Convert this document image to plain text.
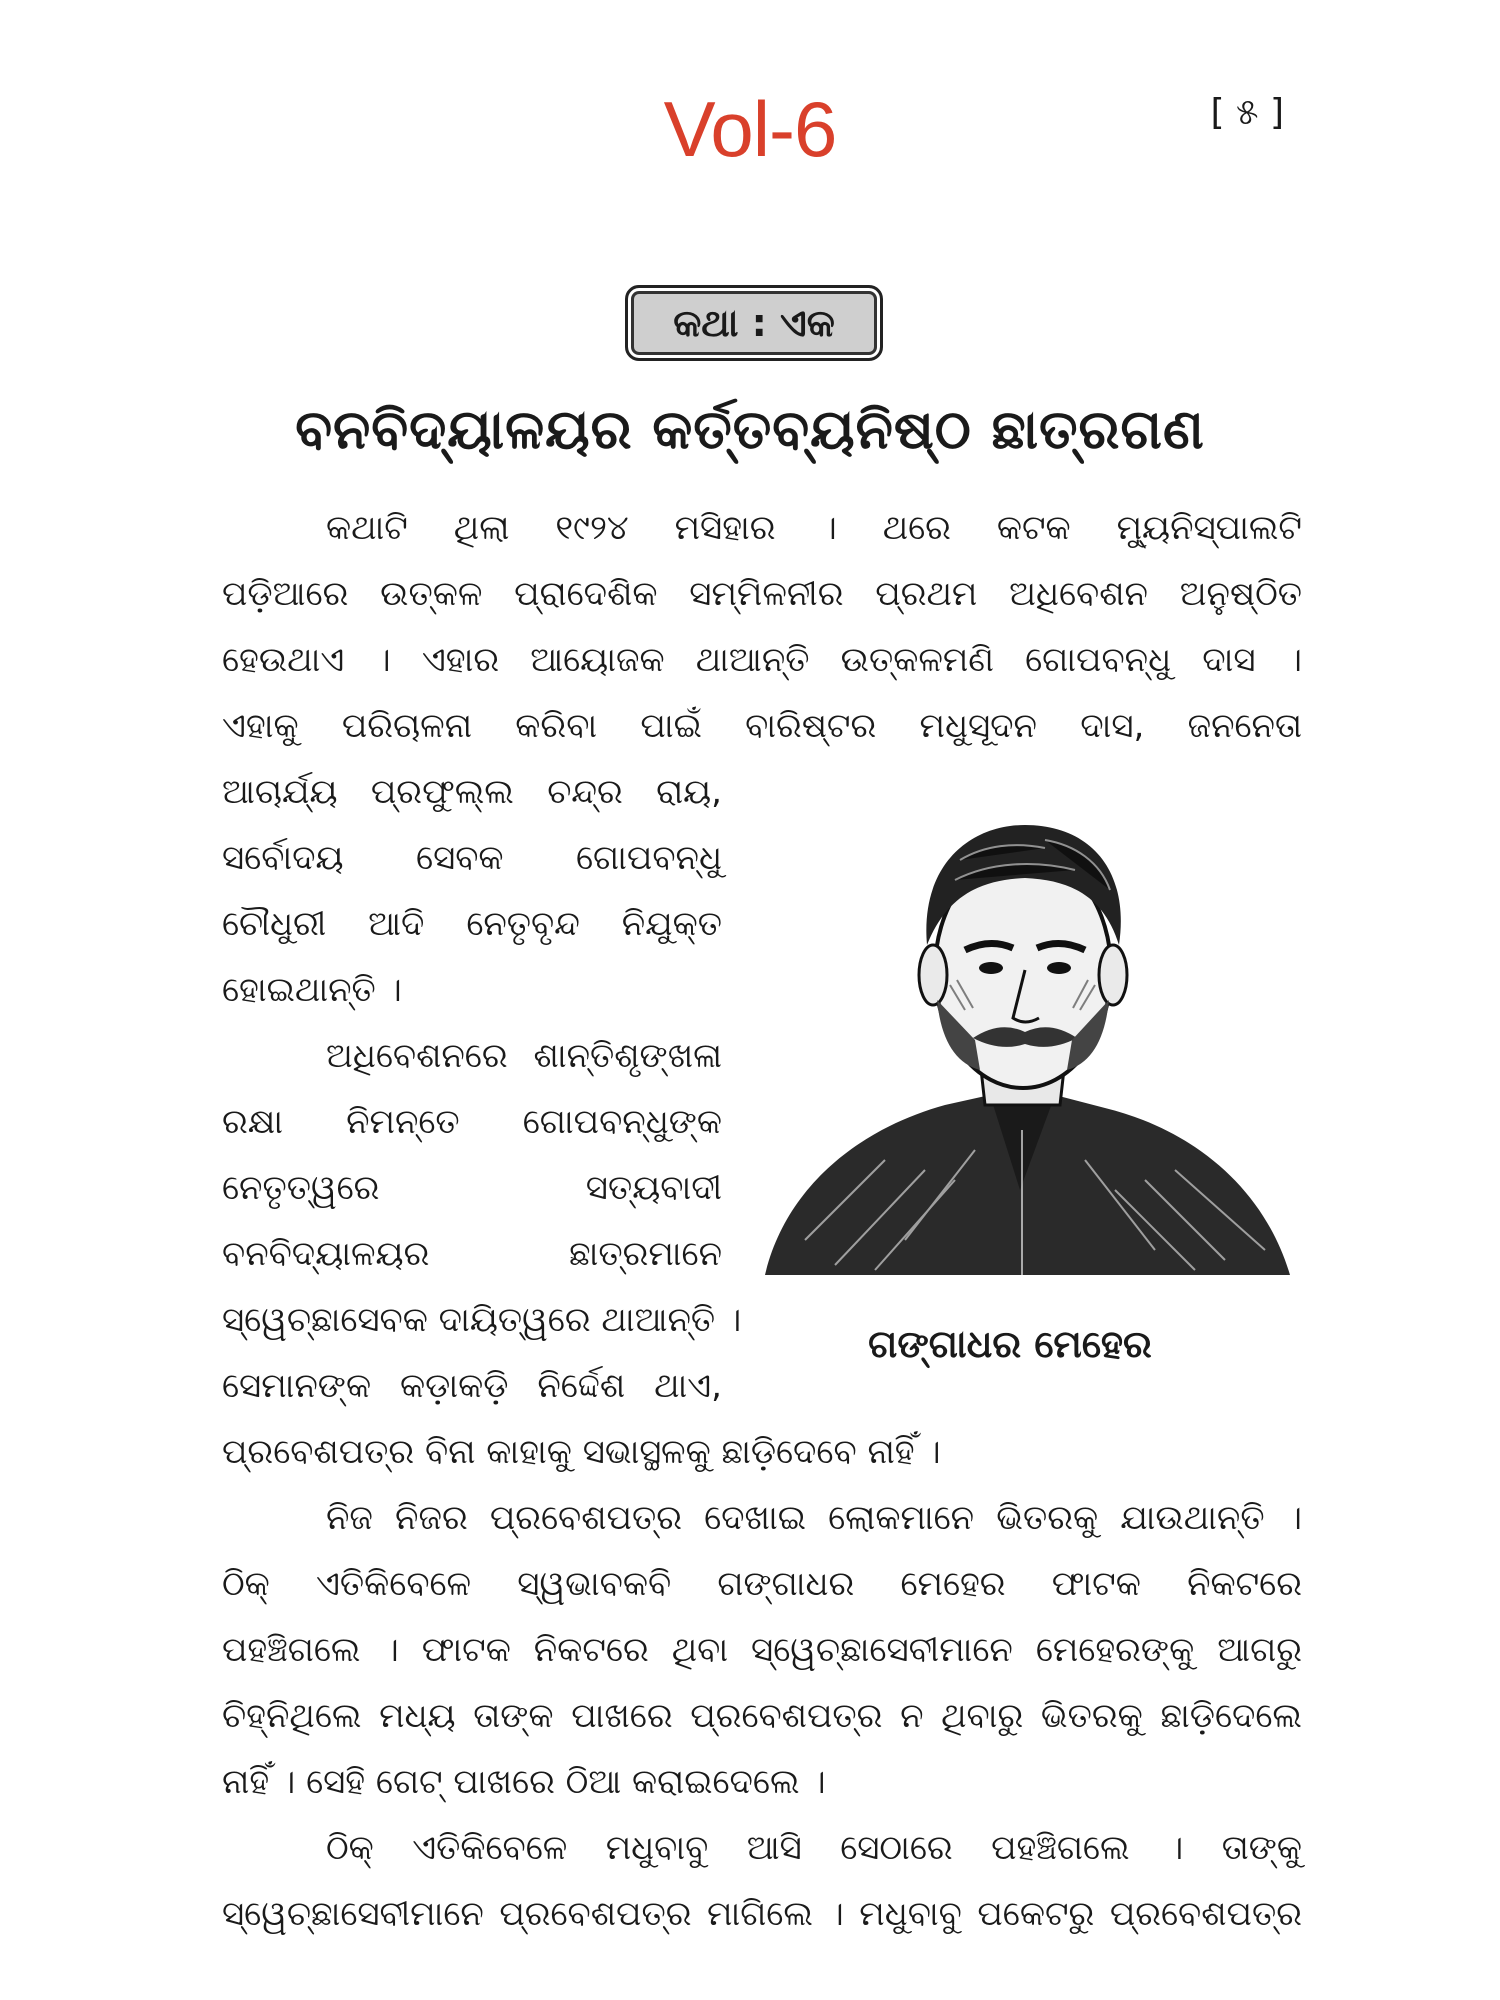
Vol-6	[ ୫ ]
କଥା : ଏକ
ବନବିଦ୍ୟାଳୟର କର୍ତ୍ତବ୍ୟନିଷ୍ଠ ଛାତ୍ରଗଣ
କଥାଟି ଥିଲା ୧୯୨୪ ମସିହାର । ଥରେ କଟକ ମ୍ୟୁନିସ୍‌ପାଲଟି
ପଡ଼ିଆରେ ଉତ୍କଳ ପ୍ରାଦେଶିକ ସମ୍ମିଳନୀର ପ୍ରଥମ ଅଧିବେଶନ ଅନୁଷ୍ଠିତ
ହେଉଥାଏ । ଏହାର ଆୟୋଜକ ଥାଆନ୍ତି ଉତ୍କଳମଣି ଗୋପବନ୍ଧୁ ଦାସ ।
ଏହାକୁ ପରିଚାଳନା କରିବା ପାଇଁ ବାରିଷ୍ଟର ମଧୁସୂଦନ ଦାସ, ଜନନେତା
ଆଚାର୍ଯ୍ୟ ପ୍ରଫୁଲ୍ଲ ଚନ୍ଦ୍ର ରାୟ,
ସର୍ବୋଦୟ ସେବକ ଗୋପବନ୍ଧୁ
ଚୌଧୁରୀ ଆଦି ନେତୃବୃନ୍ଦ ନିଯୁକ୍ତ
ହୋଇଥାନ୍ତି ।
ଅଧିବେଶନରେ ଶାନ୍ତିଶୃଙ୍ଖଳା
ରକ୍ଷା ନିମନ୍ତେ ଗୋପବନ୍ଧୁଙ୍କ
ନେତୃତ୍ୱରେ ସତ୍ୟବାଦୀ
ବନବିଦ୍ୟାଳୟର ଛାତ୍ରମାନେ
ସ୍ୱେଚ୍ଛାସେବକ ଦାୟିତ୍ୱରେ ଥାଆନ୍ତି ।
ସେମାନଙ୍କ କଡ଼ାକଡ଼ି ନିର୍ଦ୍ଦେଶ ଥାଏ,
ଗଙ୍ଗାଧର ମେହେର
ପ୍ରବେଶପତ୍ର ବିନା କାହାକୁ ସଭାସ୍ଥଳକୁ ଛାଡ଼ିଦେବେ ନାହିଁ ।
ନିଜ ନିଜର ପ୍ରବେଶପତ୍ର ଦେଖାଇ ଲୋକମାନେ ଭିତରକୁ ଯାଉଥାନ୍ତି ।
ଠିକ୍ ଏତିକିବେଳେ ସ୍ୱଭାବକବି ଗଙ୍ଗାଧର ମେହେର ଫାଟକ ନିକଟରେ
ପହଞ୍ଚିଗଲେ । ଫାଟକ ନିକଟରେ ଥିବା ସ୍ୱେଚ୍ଛାସେବୀମାନେ ମେହେରଙ୍କୁ ଆଗରୁ
ଚିହ୍ନିଥିଲେ ମଧ୍ୟ ତାଙ୍କ ପାଖରେ ପ୍ରବେଶପତ୍ର ନ ଥିବାରୁ ଭିତରକୁ ଛାଡ଼ିଦେଲେ
ନାହିଁ । ସେହି ଗେଟ୍ ପାଖରେ ଠିଆ କରାଇଦେଲେ ।
ଠିକ୍ ଏତିକିବେଳେ ମଧୁବାବୁ ଆସି ସେଠାରେ ପହଞ୍ଚିଗଲେ । ତାଙ୍କୁ
ସ୍ୱେଚ୍ଛାସେବୀମାନେ ପ୍ରବେଶପତ୍ର ମାଗିଲେ । ମଧୁବାବୁ ପକେଟରୁ ପ୍ରବେଶପତ୍ର
